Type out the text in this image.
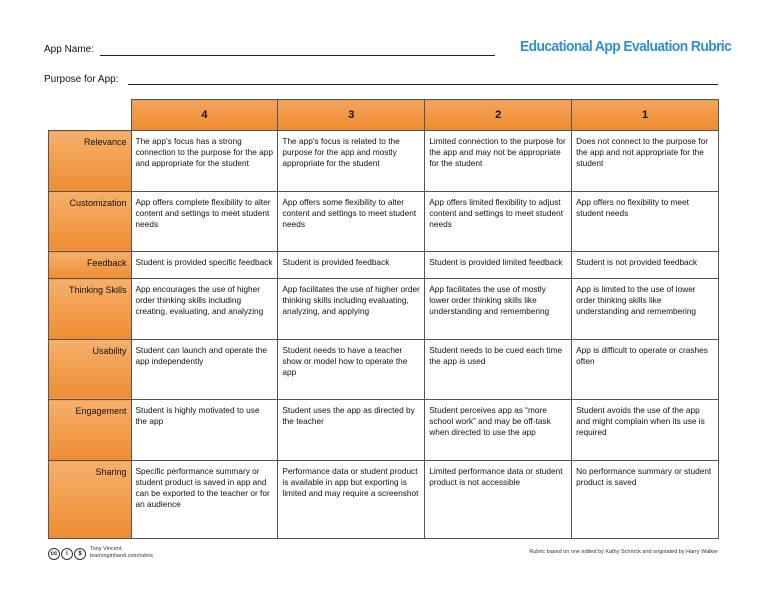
App Name:
Purpose for App:
Educational App Evaluation Rubric
	4	3	2	1
Relevance	The app's focus has a strong connection to the purpose for the app and appropriate for the student	The app's focus is related to the purpose for the app and mostly appropriate for the student	Limited connection to the purpose for the app and may not be appropriate for the student	Does not connect to the purpose for the app and not appropriate for the student
Customization	App offers complete flexibility to alter content and settings to meet student needs	App offers some flexibility to alter content and settings to meet student needs	App offers limited flexibility to adjust content and settings to meet student needs	App offers no flexibility to meet student needs
Feedback	Student is provided specific feedback	Student is provided feedback	Student is provided limited feedback	Student is not provided feedback
Thinking Skills	App encourages the use of higher order thinking skills including creating, evaluating, and analyzing	App facilitates the use of higher order thinking skills including evaluating, analyzing, and applying	App facilitates the use of mostly lower order thinking skills like understanding and remembering	App is limited to the use of lower order thinking skills like understanding and remembering
Usability	Student can launch and operate the app independently	Student needs to have a teacher show or model how to operate the app	Student needs to be cued each time the app is used	App is difficult to operate or crashes often
Engagement	Student is highly motivated to use the app	Student uses the app as directed by the teacher	Student perceives app as “more school work” and may be off-task when directed to use the app	Student avoids the use of the app and might complain when its use is required
Sharing	Specific performance summary or student product is saved in app and can be exported to the teacher or for an audience	Performance data or student product is available in app but exporting is limited and may require a screenshot	Limited performance data or student product is not accessible	No performance summary or student product is saved
cc	i	$
Tony Vincent
learninginhand.com/rubric
Rubric based on one edited by Kathy Schrock and originated by Harry Walker
